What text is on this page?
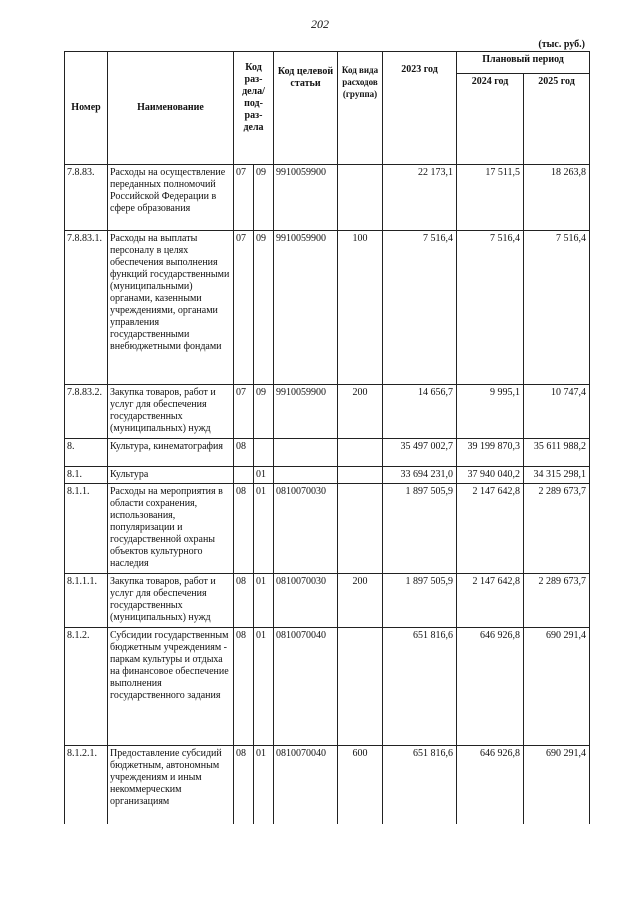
202
(тыс. руб.)
Номер	Наименование	Код раз-дела/ под-раз-дела		Код целевой статьи	Код вида расходов (группа)	2023 год	Плановый период	
							2024 год	2025 год
7.8.83.	Расходы на осуществление переданных полномочий Российской Федерации в сфере образования	07	09	9910059900		22 173,1	17 511,5	18 263,8
7.8.83.1.	Расходы на выплаты персоналу в целях обеспечения выполнения функций государственными (муниципальными) органами, казенными учреждениями, органами управления государственными внебюджетными фондами	07	09	9910059900	100	7 516,4	7 516,4	7 516,4
7.8.83.2.	Закупка товаров, работ и услуг для обеспечения государственных (муниципальных) нужд	07	09	9910059900	200	14 656,7	9 995,1	10 747,4
8.	Культура, кинематография	08				35 497 002,7	39 199 870,3	35 611 988,2
8.1.	Культура		01			33 694 231,0	37 940 040,2	34 315 298,1
8.1.1.	Расходы на мероприятия в области сохранения, использования, популяризации и государственной охраны объектов культурного наследия	08	01	0810070030		1 897 505,9	2 147 642,8	2 289 673,7
8.1.1.1.	Закупка товаров, работ и услуг для обеспечения государственных (муниципальных) нужд	08	01	0810070030	200	1 897 505,9	2 147 642,8	2 289 673,7
8.1.2.	Субсидии государственным бюджетным учреждениям - паркам культуры и отдыха на финансовое обеспечение выполнения государственного задания	08	01	0810070040		651 816,6	646 926,8	690 291,4
8.1.2.1.	Предоставление субсидий бюджетным, автономным учреждениям и иным некоммерческим организациям	08	01	0810070040	600	651 816,6	646 926,8	690 291,4
